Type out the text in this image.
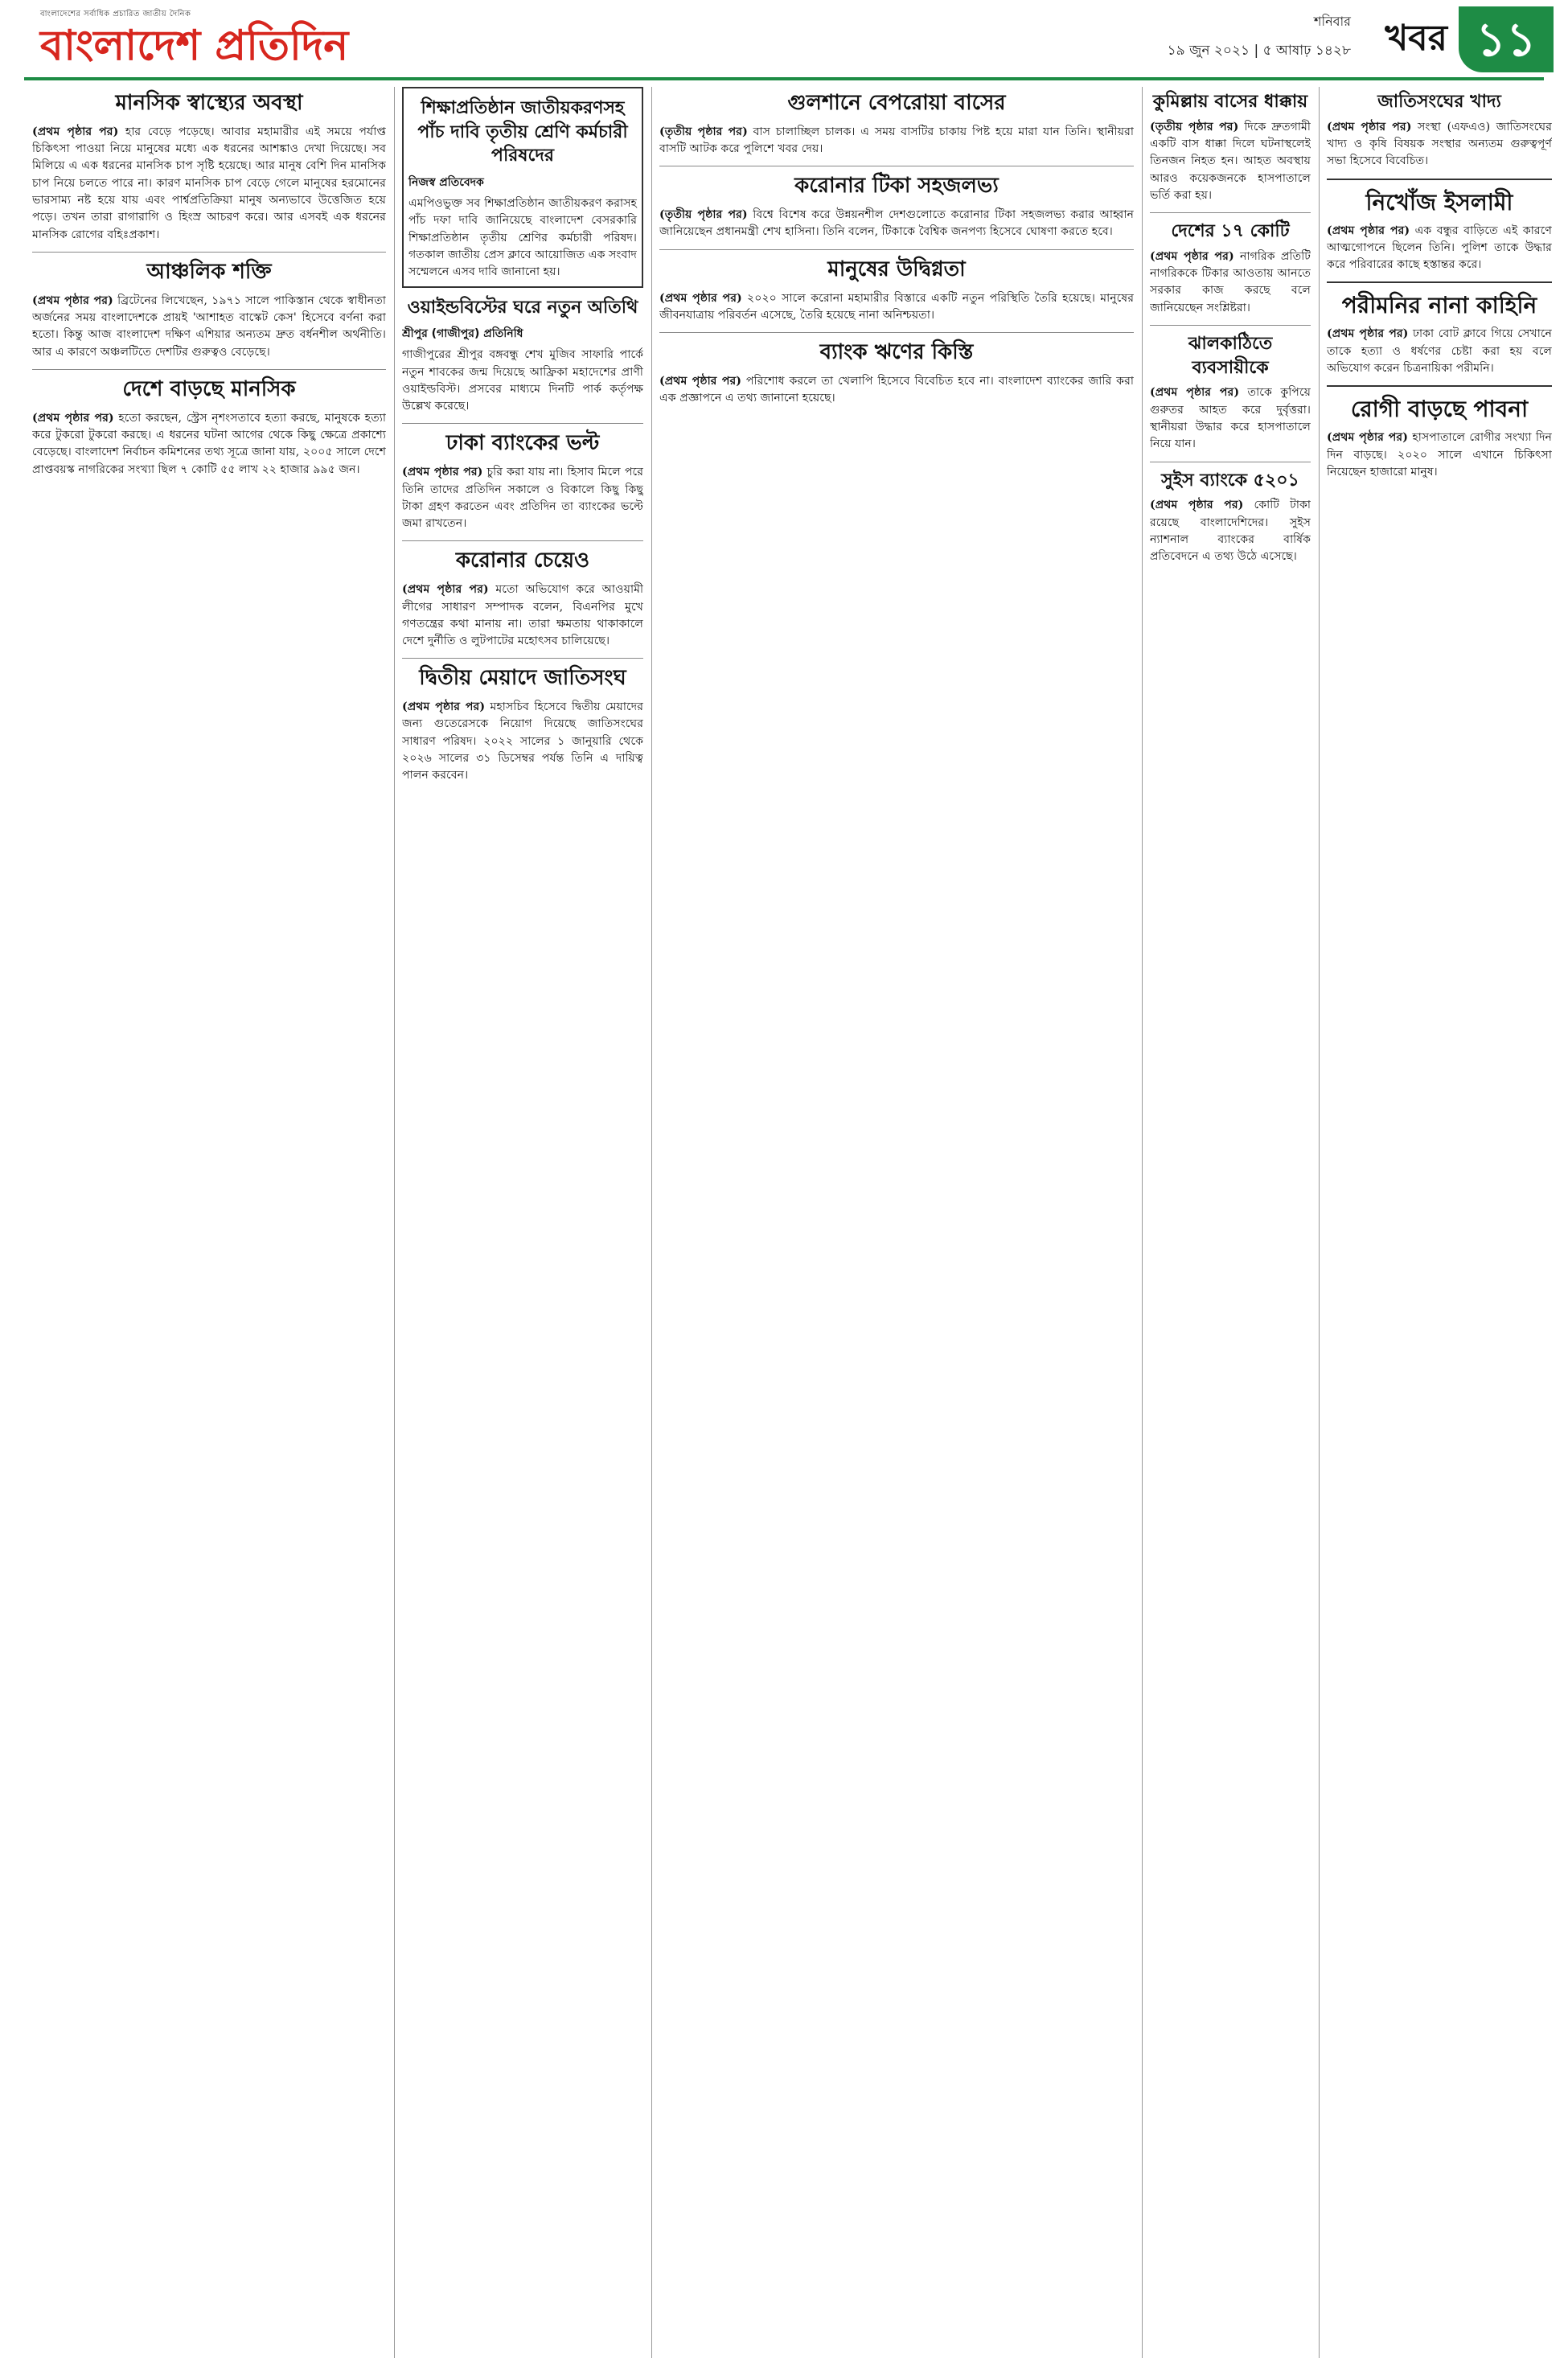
বাংলাদেশের সর্বাধিক প্রচারিত জাতীয় দৈনিক
বাংলাদেশ প্রতিদিন	শনিবার
১৯ জুন ২০২১ | ৫ আষাঢ় ১৪২৮ খবর ১১
মানসিক স্বাস্থ্যের অবস্থা
(প্রথম পৃষ্ঠার পর) হার বেড়ে পড়েছে। আবার মহামারীর এই সময়ে পর্যাপ্ত চিকিৎসা পাওয়া নিয়ে মানুষের মধ্যে এক ধরনের আশঙ্কাও দেখা দিয়েছে। সব মিলিয়ে এ এক ধরনের মানসিক চাপ সৃষ্টি হয়েছে। আর মানুষ বেশি দিন মানসিক চাপ নিয়ে চলতে পারে না। কারণ মানসিক চাপ বেড়ে গেলে মানুষের হরমোনের ভারসাম্য নষ্ট হয়ে যায় এবং পার্শ্বপ্রতিক্রিয়া মানুষ অন্যভাবে উত্তেজিত হয়ে পড়ে। তখন তারা রাগারাগি ও হিংস্র আচরণ করে। আর এসবই এক ধরনের মানসিক রোগের বহিঃপ্রকাশ।
আঞ্চলিক শক্তি
(প্রথম পৃষ্ঠার পর) ব্রিটেনের লিখেছেন, ১৯৭১ সালে পাকিস্তান থেকে স্বাধীনতা অর্জনের সময় বাংলাদেশকে প্রায়ই 'আশাহত বাস্কেট কেস' হিসেবে বর্ণনা করা হতো। কিন্তু আজ বাংলাদেশ দক্ষিণ এশিয়ার অন্যতম দ্রুত বর্ধনশীল অর্থনীতি। আর এ কারণে অঞ্চলটিতে দেশটির গুরুত্বও বেড়েছে।
দেশে বাড়ছে মানসিক
(প্রথম পৃষ্ঠার পর) হতো করছেন, স্ট্রেস নৃশংসতাবে হত্যা করছে, মানুষকে হত্যা করে টুকরো টুকরো করছে। এ ধরনের ঘটনা আগের থেকে কিছু ক্ষেত্রে প্রকাশ্যে বেড়েছে। বাংলাদেশ নির্বাচন কমিশনের তথ্য সূত্রে জানা যায়, ২০০৫ সালে দেশে প্রাপ্তবয়স্ক নাগরিকের সংখ্যা ছিল ৭ কোটি ৫৫ লাখ ২২ হাজার ৯৯৫ জন।
শিক্ষাপ্রতিষ্ঠান জাতীয়করণসহ পাঁচ দাবি তৃতীয় শ্রেণি কর্মচারী পরিষদের
নিজস্ব প্রতিবেদক
এমপিওভুক্ত সব শিক্ষাপ্রতিষ্ঠান জাতীয়করণ করাসহ পাঁচ দফা দাবি জানিয়েছে বাংলাদেশ বেসরকারি শিক্ষাপ্রতিষ্ঠান তৃতীয় শ্রেণির কর্মচারী পরিষদ। গতকাল জাতীয় প্রেস ক্লাবে আয়োজিত এক সংবাদ সম্মেলনে এসব দাবি জানানো হয়।
ওয়াইন্ডবিস্টের ঘরে নতুন অতিথি
শ্রীপুর (গাজীপুর) প্রতিনিধি
গাজীপুরের শ্রীপুর বঙ্গবন্ধু শেখ মুজিব সাফারি পার্কে নতুন শাবকের জন্ম দিয়েছে আফ্রিকা মহাদেশের প্রাণী ওয়াইল্ডবিস্ট। প্রসবের মাধ্যমে দিনটি পার্ক কর্তৃপক্ষ উল্লেখ করেছে।
ঢাকা ব্যাংকের ভল্ট
(প্রথম পৃষ্ঠার পর) চুরি করা যায় না। হিসাব মিলে পরে তিনি তাদের প্রতিদিন সকালে ও বিকালে কিছু কিছু টাকা গ্রহণ করতেন এবং প্রতিদিন তা ব্যাংকের ভল্টে জমা রাখতেন।
করোনার চেয়েও
(প্রথম পৃষ্ঠার পর) মতো অভিযোগ করে আওয়ামী লীগের সাধারণ সম্পাদক বলেন, বিএনপির মুখে গণতন্ত্রের কথা মানায় না। তারা ক্ষমতায় থাকাকালে দেশে দুর্নীতি ও লুটপাটের মহোৎসব চালিয়েছে।
দ্বিতীয় মেয়াদে জাতিসংঘ
(প্রথম পৃষ্ঠার পর) মহাসচিব হিসেবে দ্বিতীয় মেয়াদের জন্য গুতেরেসকে নিয়োগ দিয়েছে জাতিসংঘের সাধারণ পরিষদ। ২০২২ সালের ১ জানুয়ারি থেকে ২০২৬ সালের ৩১ ডিসেম্বর পর্যন্ত তিনি এ দায়িত্ব পালন করবেন।
গুলশানে বেপরোয়া বাসের
(তৃতীয় পৃষ্ঠার পর) বাস চালাচ্ছিল চালক। এ সময় বাসটির চাকায় পিষ্ট হয়ে মারা যান তিনি। স্থানীয়রা বাসটি আটক করে পুলিশে খবর দেয়।
করোনার টিকা সহজলভ্য
(তৃতীয় পৃষ্ঠার পর) বিশ্বে বিশেষ করে উন্নয়নশীল দেশগুলোতে করোনার টিকা সহজলভ্য করার আহ্বান জানিয়েছেন প্রধানমন্ত্রী শেখ হাসিনা। তিনি বলেন, টিকাকে বৈশ্বিক জনপণ্য হিসেবে ঘোষণা করতে হবে।
মানুষের উদ্বিগ্নতা
(প্রথম পৃষ্ঠার পর) ২০২০ সালে করোনা মহামারীর বিস্তারে একটি নতুন পরিস্থিতি তৈরি হয়েছে। মানুষের জীবনযাত্রায় পরিবর্তন এসেছে, তৈরি হয়েছে নানা অনিশ্চয়তা।
ব্যাংক ঋণের কিস্তি
(প্রথম পৃষ্ঠার পর) পরিশোধ করলে তা খেলাপি হিসেবে বিবেচিত হবে না। বাংলাদেশ ব্যাংকের জারি করা এক প্রজ্ঞাপনে এ তথ্য জানানো হয়েছে।
কুমিল্লায় বাসের ধাক্কায়
(তৃতীয় পৃষ্ঠার পর) দিকে দ্রুতগামী একটি বাস ধাক্কা দিলে ঘটনাস্থলেই তিনজন নিহত হন। আহত অবস্থায় আরও কয়েকজনকে হাসপাতালে ভর্তি করা হয়।
দেশের ১৭ কোটি
(প্রথম পৃষ্ঠার পর) নাগরিক প্রতিটি নাগরিককে টিকার আওতায় আনতে সরকার কাজ করছে বলে জানিয়েছেন সংশ্লিষ্টরা।
ঝালকাঠিতে ব্যবসায়ীকে
(প্রথম পৃষ্ঠার পর) তাকে কুপিয়ে গুরুতর আহত করে দুর্বৃত্তরা। স্থানীয়রা উদ্ধার করে হাসপাতালে নিয়ে যান।
সুইস ব্যাংকে ৫২০১
(প্রথম পৃষ্ঠার পর) কোটি টাকা রয়েছে বাংলাদেশিদের। সুইস ন্যাশনাল ব্যাংকের বার্ষিক প্রতিবেদনে এ তথ্য উঠে এসেছে।
জাতিসংঘের খাদ্য
(প্রথম পৃষ্ঠার পর) সংস্থা (এফএও) জাতিসংঘের খাদ্য ও কৃষি বিষয়ক সংস্থার অন্যতম গুরুত্বপূর্ণ সভা হিসেবে বিবেচিত।
নিখোঁজ ইসলামী
(প্রথম পৃষ্ঠার পর) এক বন্ধুর বাড়িতে এই কারণে আত্মগোপনে ছিলেন তিনি। পুলিশ তাকে উদ্ধার করে পরিবারের কাছে হস্তান্তর করে।
পরীমনির নানা কাহিনি
(প্রথম পৃষ্ঠার পর) ঢাকা বোট ক্লাবে গিয়ে সেখানে তাকে হত্যা ও ধর্ষণের চেষ্টা করা হয় বলে অভিযোগ করেন চিত্রনায়িকা পরীমনি।
রোগী বাড়ছে পাবনা
(প্রথম পৃষ্ঠার পর) হাসপাতালে রোগীর সংখ্যা দিন দিন বাড়ছে। ২০২০ সালে এখানে চিকিৎসা নিয়েছেন হাজারো মানুষ।
